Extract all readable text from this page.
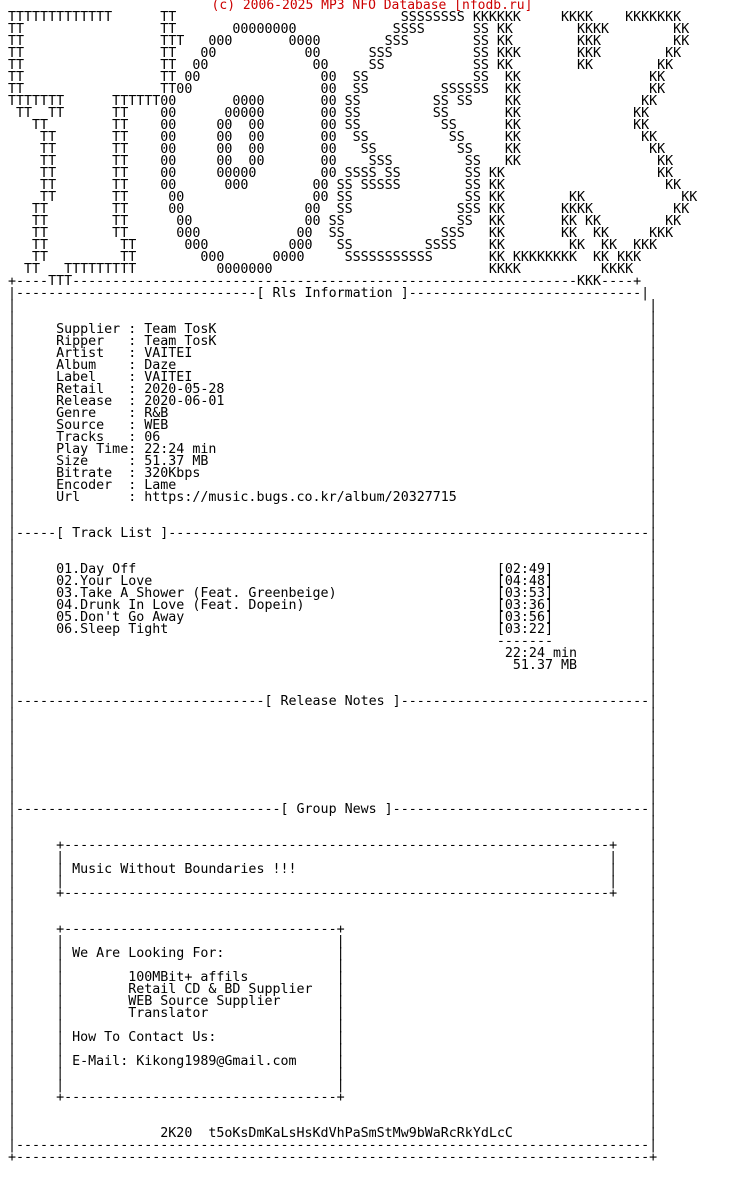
(c) 2006-2025 MP3 NFO Database [nfodb.ru]
TTTTTTTTTTTTT      TT                            SSSSSSSS KKKKKK     KKKK    KKKKKKK
TT                 TT       00000000            SSSS      SS KK        KKKK        KK
TT                 TTT   000       0000        SSS        SS KK        KKK         KK
TT                 TT   00           00      SSS          SS KKK       KKK        KK
TT                 TT  00             00     SS           SS KK        KK        KK
TT                 TT 00               00  SS             SS  KK                KK
TT                 TT00                00  SS         SSSSSS  KK                KK
TTTTTTT      TTTTTT00       0000       00 SS         SS SS    KK               KK
TT  TT      TT    00      00000       00 SS         SS       KK              KK
TT        TT    00     00  00       00 SS          SS      KK              KK
TT       TT    00     00  00       00  SS          SS     KK               KK
TT       TT    00     00  00       00   SS          SS    KK                KK
TT       TT    00     00  00       00    SSS         SS   KK                 KK
TT       TT    00     00000        00 SSSS SS        SS KK                   KK
TT       TT    00      000        00 SS SSSSS        SS KK                    KK
TT       TT     00                00 SS              SS KK        KK            KK
TT        TT     00               00  SS             SSS KK       KKKK          KK
TT        TT      00              00 SS              SS  KK       KK KK        KK
TT        TT      000            00  SS            SSS   KK       KK  KK     KKK
TT         TT      000          000   SS         SSSS    KK        KK  KK  KKK
TT         TT        000      0000     SSSSSSSSSSS       KK KKKKKKKK  KK KKK
TT   TTTTTTTTT          0000000                           KKKK          KKKK
+----TTT---------------------------------------------------------------KKK----+
|------------------------------[ Rls Information ]-----------------------------|
|                                                                               |
|                                                                               |
|     Supplier : Team TosK                                                      |
|     Ripper   : Team TosK                                                      |
|     Artist   : VAITEI                                                         |
|     Album    : Daze                                                           |
|     Label    : VAITEI                                                         |
|     Retail   : 2020-05-28                                                     |
|     Release  : 2020-06-01                                                     |
|     Genre    : R&B                                                            |
|     Source   : WEB                                                            |
|     Tracks   : 06                                                             |
|     Play Time: 22:24 min                                                      |
|     Size     : 51.37 MB                                                       |
|     Bitrate  : 320Kbps                                                        |
|     Encoder  : Lame                                                           |
|     Url      : https://music.bugs.co.kr/album/20327715                        |
|                                                                               |
|                                                                               |
|-----[ Track List ]------------------------------------------------------------|
|                                                                               |
|                                                                               |
|     01.Day Off                                             [02:49]            |
|     02.Your Love                                           [04:48]            |
|     03.Take A Shower (Feat. Greenbeige)                    [03:53]            |
|     04.Drunk In Love (Feat. Dopein)                        [03:36]            |
|     05.Don't Go Away                                       [03:56]            |
|     06.Sleep Tight                                         [03:22]            |
|                                                            -------            |
|                                                             22:24 min         |
|                                                              51.37 MB         |
|                                                                               |
|                                                                               |
|-------------------------------[ Release Notes ]-------------------------------|
|                                                                               |
|                                                                               |
|                                                                               |
|                                                                               |
|                                                                               |
|                                                                               |
|                                                                               |
|                                                                               |
|---------------------------------[ Group News ]--------------------------------|
|                                                                               |
|                                                                               |
|     +--------------------------------------------------------------------+    |
|     |                                                                    |    |
|     | Music Without Boundaries !!!                                       |    |
|     |                                                                    |    |
|     +--------------------------------------------------------------------+    |
|                                                                               |
|                                                                               |
|     +----------------------------------+                                      |
|     |                                  |                                      |
|     | We Are Looking For:              |                                      |
|     |                                  |                                      |
|     |        100MBit+ affils           |                                      |
|     |        Retail CD & BD Supplier   |                                      |
|     |        WEB Source Supplier       |                                      |
|     |        Translator                |                                      |
|     |                                  |                                      |
|     | How To Contact Us:               |                                      |
|     |                                  |                                      |
|     | E-Mail: Kikong1989@Gmail.com     |                                      |
|     |                                  |                                      |
|     |                                  |                                      |
|     +----------------------------------+                                      |
|                                                                               |
|                                                                               |
|                  2K20  t5oKsDmKaLsHsKdVhPaSmStMw9bWaRcRkYdLcC                 |
|-------------------------------------------------------------------------------|
+-------------------------------------------------------------------------------+
